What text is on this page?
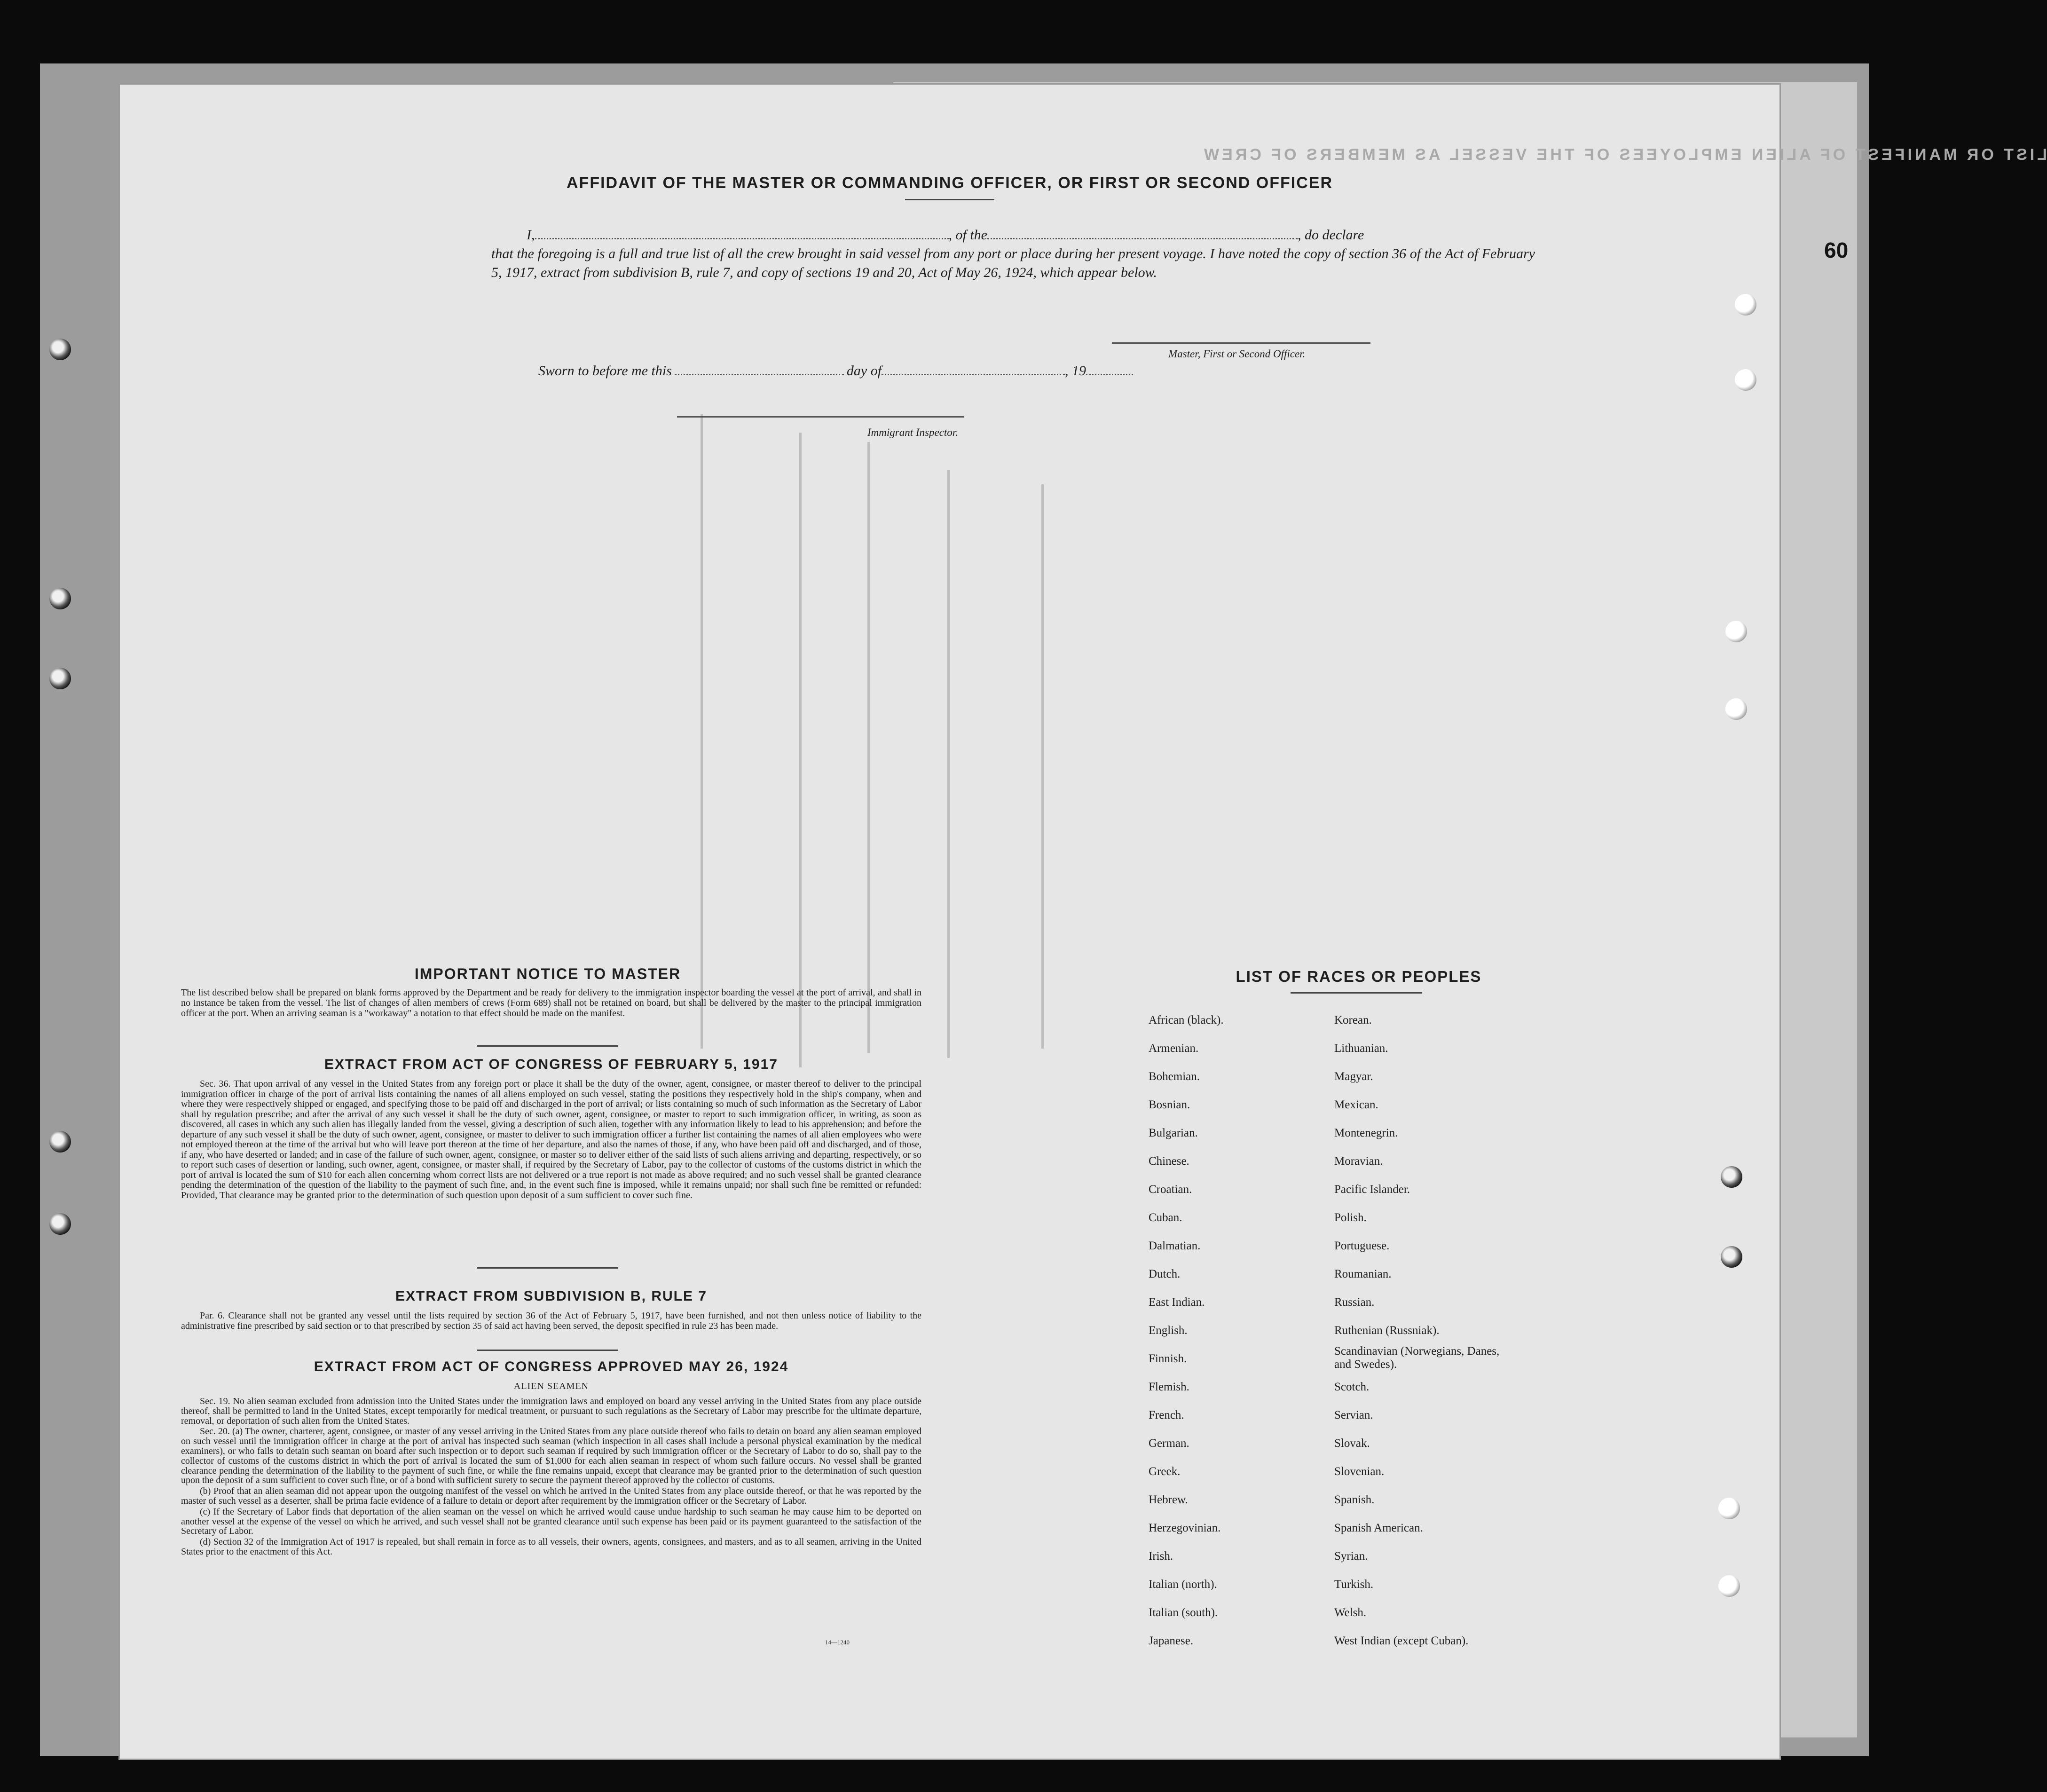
LIST OR MANIFEST OF ALIEN EMPLOYEES OF THE VESSEL AS MEMBERS OF CREW
AFFIDAVIT OF THE MASTER OR COMMANDING OFFICER, OR FIRST OR SECOND OFFICER
I,	, of the	, do declare
that the foregoing is a full and true list of all the crew brought in said vessel from any port or place during her present voyage. I have noted the copy of section 36 of the Act of February 5, 1917, extract from subdivision B, rule 7, and copy of sections 19 and 20, Act of May 26, 1924, which appear below.
Master, First or Second Officer.
Sworn to before me this	day of	, 19
Immigrant Inspector.
IMPORTANT NOTICE TO MASTER
The list described below shall be prepared on blank forms approved by the Department and be ready for delivery to the immigration inspector boarding the vessel at the port of arrival, and shall in no instance be taken from the vessel. The list of changes of alien members of crews (Form 689) shall not be retained on board, but shall be delivered by the master to the principal immigration officer at the port. When an arriving seaman is a "workaway" a notation to that effect should be made on the manifest.
EXTRACT FROM ACT OF CONGRESS OF FEBRUARY 5, 1917

Sec. 36. That upon arrival of any vessel in the United States from any foreign port or place it shall be the duty of the owner, agent, consignee, or master thereof to deliver to the principal immigration officer in charge of the port of arrival lists containing the names of all aliens employed on such vessel, stating the positions they respectively hold in the ship's company, when and where they were respectively shipped or engaged, and specifying those to be paid off and discharged in the port of arrival; or lists containing so much of such information as the Secretary of Labor shall by regulation prescribe; and after the arrival of any such vessel it shall be the duty of such owner, agent, consignee, or master to report to such immigration officer, in writing, as soon as discovered, all cases in which any such alien has illegally landed from the vessel, giving a description of such alien, together with any information likely to lead to his apprehension; and before the departure of any such vessel it shall be the duty of such owner, agent, consignee, or master to deliver to such immigration officer a further list containing the names of all alien employees who were not employed thereon at the time of the arrival but who will leave port thereon at the time of her departure, and also the names of those, if any, who have been paid off and discharged, and of those, if any, who have deserted or landed; and in case of the failure of such owner, agent, consignee, or master so to deliver either of the said lists of such aliens arriving and departing, respectively, or so to report such cases of desertion or landing, such owner, agent, consignee, or master shall, if required by the Secretary of Labor, pay to the collector of customs of the customs district in which the port of arrival is located the sum of $10 for each alien concerning whom correct lists are not delivered or a true report is not made as above required; and no such vessel shall be granted clearance pending the determination of the question of the liability to the payment of such fine, and, in the event such fine is imposed, while it remains unpaid; nor shall such fine be remitted or refunded: Provided, That clearance may be granted prior to the determination of such question upon deposit of a sum sufficient to cover such fine.

EXTRACT FROM SUBDIVISION B, RULE 7

Par. 6. Clearance shall not be granted any vessel until the lists required by section 36 of the Act of February 5, 1917, have been furnished, and not then unless notice of liability to the administrative fine prescribed by said section or to that prescribed by section 35 of said act having been served, the deposit specified in rule 23 has been made.

EXTRACT FROM ACT OF CONGRESS APPROVED MAY 26, 1924
ALIEN SEAMEN

Sec. 19. No alien seaman excluded from admission into the United States under the immigration laws and employed on board any vessel arriving in the United States from any place outside thereof, shall be permitted to land in the United States, except temporarily for medical treatment, or pursuant to such regulations as the Secretary of Labor may prescribe for the ultimate departure, removal, or deportation of such alien from the United States.

Sec. 20. (a) The owner, charterer, agent, consignee, or master of any vessel arriving in the United States from any place outside thereof who fails to detain on board any alien seaman employed on such vessel until the immigration officer in charge at the port of arrival has inspected such seaman (which inspection in all cases shall include a personal physical examination by the medical examiners), or who fails to detain such seaman on board after such inspection or to deport such seaman if required by such immigration officer or the Secretary of Labor to do so, shall pay to the collector of customs of the customs district in which the port of arrival is located the sum of $1,000 for each alien seaman in respect of whom such failure occurs. No vessel shall be granted clearance pending the determination of the liability to the payment of such fine, or while the fine remains unpaid, except that clearance may be granted prior to the determination of such question upon the deposit of a sum sufficient to cover such fine, or of a bond with sufficient surety to secure the payment thereof approved by the collector of customs.

(b) Proof that an alien seaman did not appear upon the outgoing manifest of the vessel on which he arrived in the United States from any place outside thereof, or that he was reported by the master of such vessel as a deserter, shall be prima facie evidence of a failure to detain or deport after requirement by the immigration officer or the Secretary of Labor.

(c) If the Secretary of Labor finds that deportation of the alien seaman on the vessel on which he arrived would cause undue hardship to such seaman he may cause him to be deported on another vessel at the expense of the vessel on which he arrived, and such vessel shall not be granted clearance until such expense has been paid or its payment guaranteed to the satisfaction of the Secretary of Labor.

(d) Section 32 of the Immigration Act of 1917 is repealed, but shall remain in force as to all vessels, their owners, agents, consignees, and masters, and as to all seamen, arriving in the United States prior to the enactment of this Act.

14—1240
LIST OF RACES OR PEOPLES
African (black).
Armenian.
Bohemian.
Bosnian.
Bulgarian.
Chinese.
Croatian.
Cuban.
Dalmatian.
Dutch.
East Indian.
English.
Finnish.
Flemish.
French.
German.
Greek.
Hebrew.
Herzegovinian.
Irish.
Italian (north).
Italian (south).
Japanese.
Korean.
Lithuanian.
Magyar.
Mexican.
Montenegrin.
Moravian.
Pacific Islander.
Polish.
Portuguese.
Roumanian.
Russian.
Ruthenian (Russniak).
Scandinavian (Norwegians, Danes, and Swedes).
Scotch.
Servian.
Slovak.
Slovenian.
Spanish.
Spanish American.
Syrian.
Turkish.
Welsh.
West Indian (except Cuban).
60
